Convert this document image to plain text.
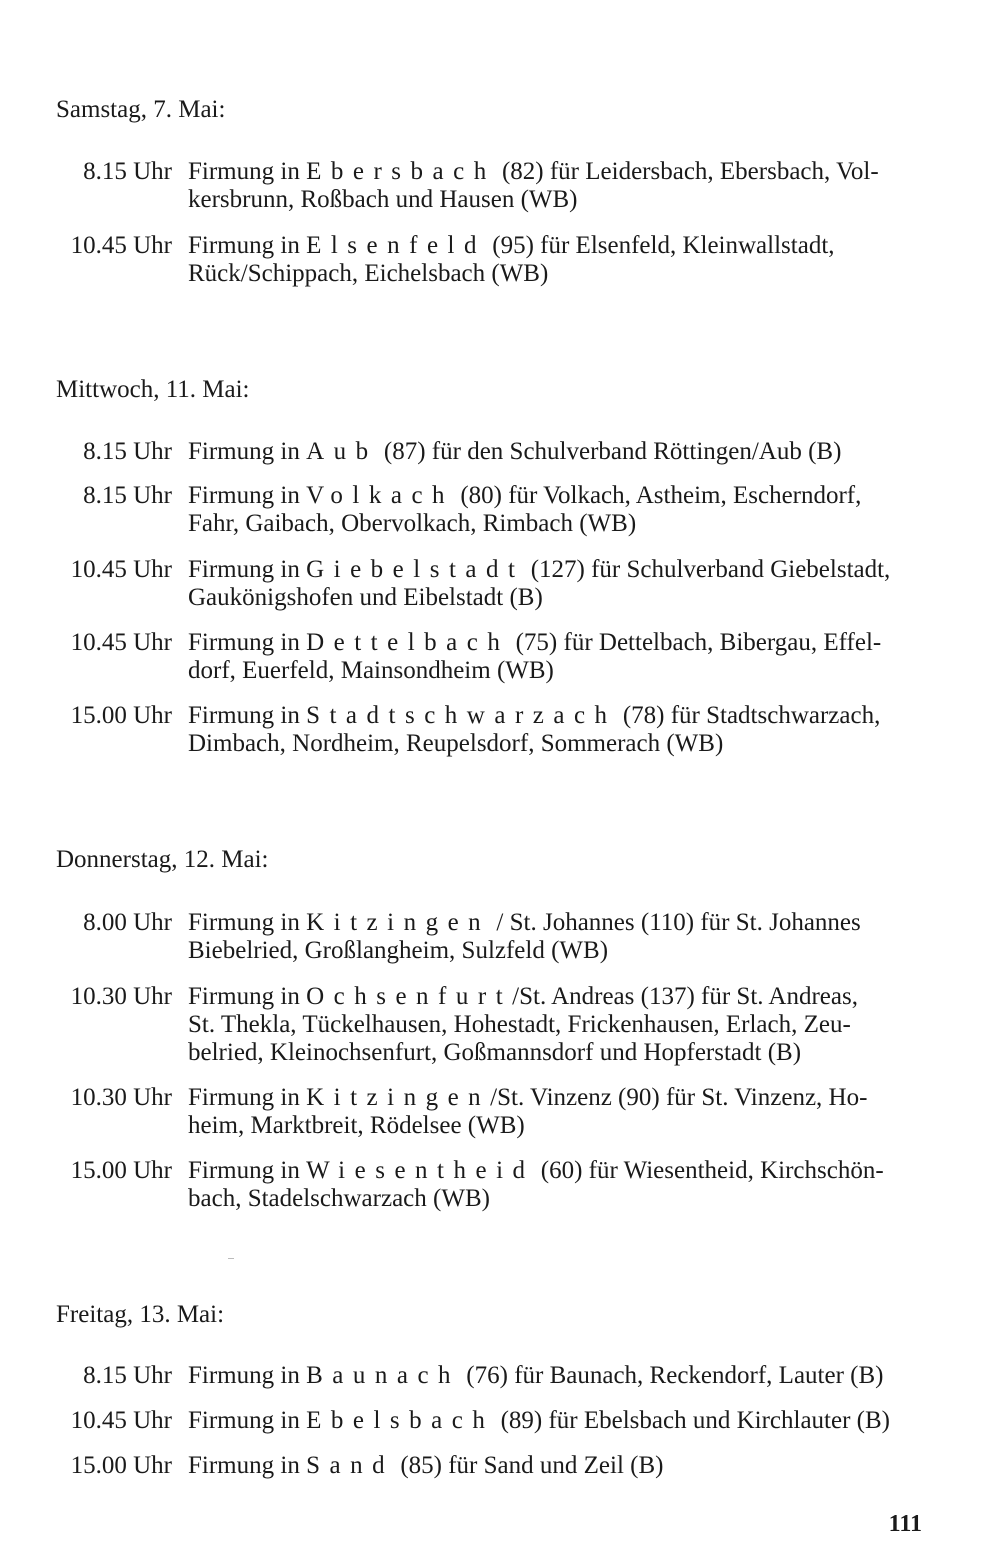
Samstag, 7. Mai:
8.15 Uhr Firmung in Ebersbach (82) für Leidersbach, Ebersbach, Vol-
kersbrunn, Roßbach und Hausen (WB)
10.45 Uhr Firmung in Elsenfeld (95) für Elsenfeld, Kleinwallstadt,
Rück/Schippach, Eichelsbach (WB)
Mittwoch, 11. Mai:
8.15 Uhr Firmung in Aub (87) für den Schulverband Röttingen/Aub (B)
8.15 Uhr Firmung in Volkach (80) für Volkach, Astheim, Escherndorf,
Fahr, Gaibach, Obervolkach, Rimbach (WB)
10.45 Uhr Firmung in Giebelstadt (127) für Schulverband Giebelstadt,
Gaukönigshofen und Eibelstadt (B)
10.45 Uhr Firmung in Dettelbach (75) für Dettelbach, Bibergau, Effel-
dorf, Euerfeld, Mainsondheim (WB)
15.00 Uhr Firmung in Stadtschwarzach (78) für Stadtschwarzach,
Dimbach, Nordheim, Reupelsdorf, Sommerach (WB)
Donnerstag, 12. Mai:
8.00 Uhr Firmung in Kitzingen / St. Johannes (110) für St. Johannes
Biebelried, Großlangheim, Sulzfeld (WB)
10.30 Uhr Firmung in Ochsenfurt/St. Andreas (137) für St. Andreas,
St. Thekla, Tückelhausen, Hohestadt, Frickenhausen, Erlach, Zeu-
belried, Kleinochsenfurt, Goßmannsdorf und Hopferstadt (B)
10.30 Uhr Firmung in Kitzingen/St. Vinzenz (90) für St. Vinzenz, Ho-
heim, Marktbreit, Rödelsee (WB)
15.00 Uhr Firmung in Wiesentheid (60) für Wiesentheid, Kirchschön-
bach, Stadelschwarzach (WB)
Freitag, 13. Mai:
8.15 Uhr Firmung in Baunach (76) für Baunach, Reckendorf, Lauter (B)
10.45 Uhr Firmung in Ebelsbach (89) für Ebelsbach und Kirchlauter (B)
15.00 Uhr Firmung in Sand (85) für Sand und Zeil (B)
111
